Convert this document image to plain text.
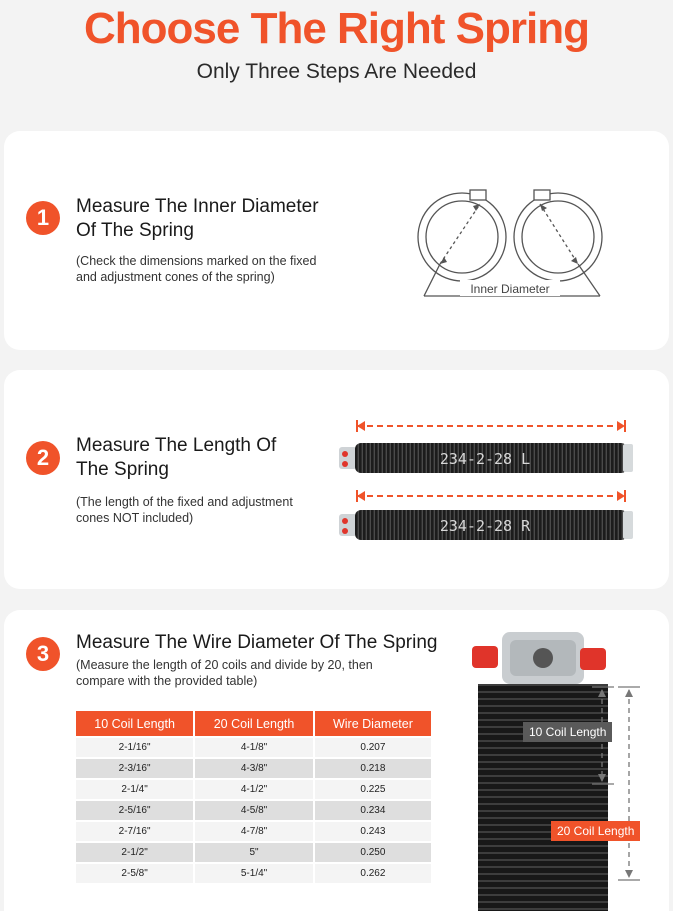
Choose The Right Spring
Only Three Steps Are Needed
1	Measure The Inner Diameter
Of The Spring
(Check the dimensions marked on the fixed
and adjustment cones of the spring)
Inner Diameter
2	Measure The Length Of
The Spring
(The length of the fixed and adjustment
cones NOT included)
234-2-28 L
234-2-28 R
3	Measure The Wire Diameter Of The Spring
(Measure the length of 20 coils and divide by 20, then
compare with the provided table)
10 Coil Length	20 Coil Length	Wire Diameter
2-1/16"	4-1/8"	0.207
2-3/16"	4-3/8"	0.218
2-1/4"	4-1/2"	0.225
2-5/16"	4-5/8"	0.234
2-7/16"	4-7/8"	0.243
2-1/2"	5"	0.250
2-5/8"	5-1/4"	0.262
10 Coil Length
20 Coil Length
